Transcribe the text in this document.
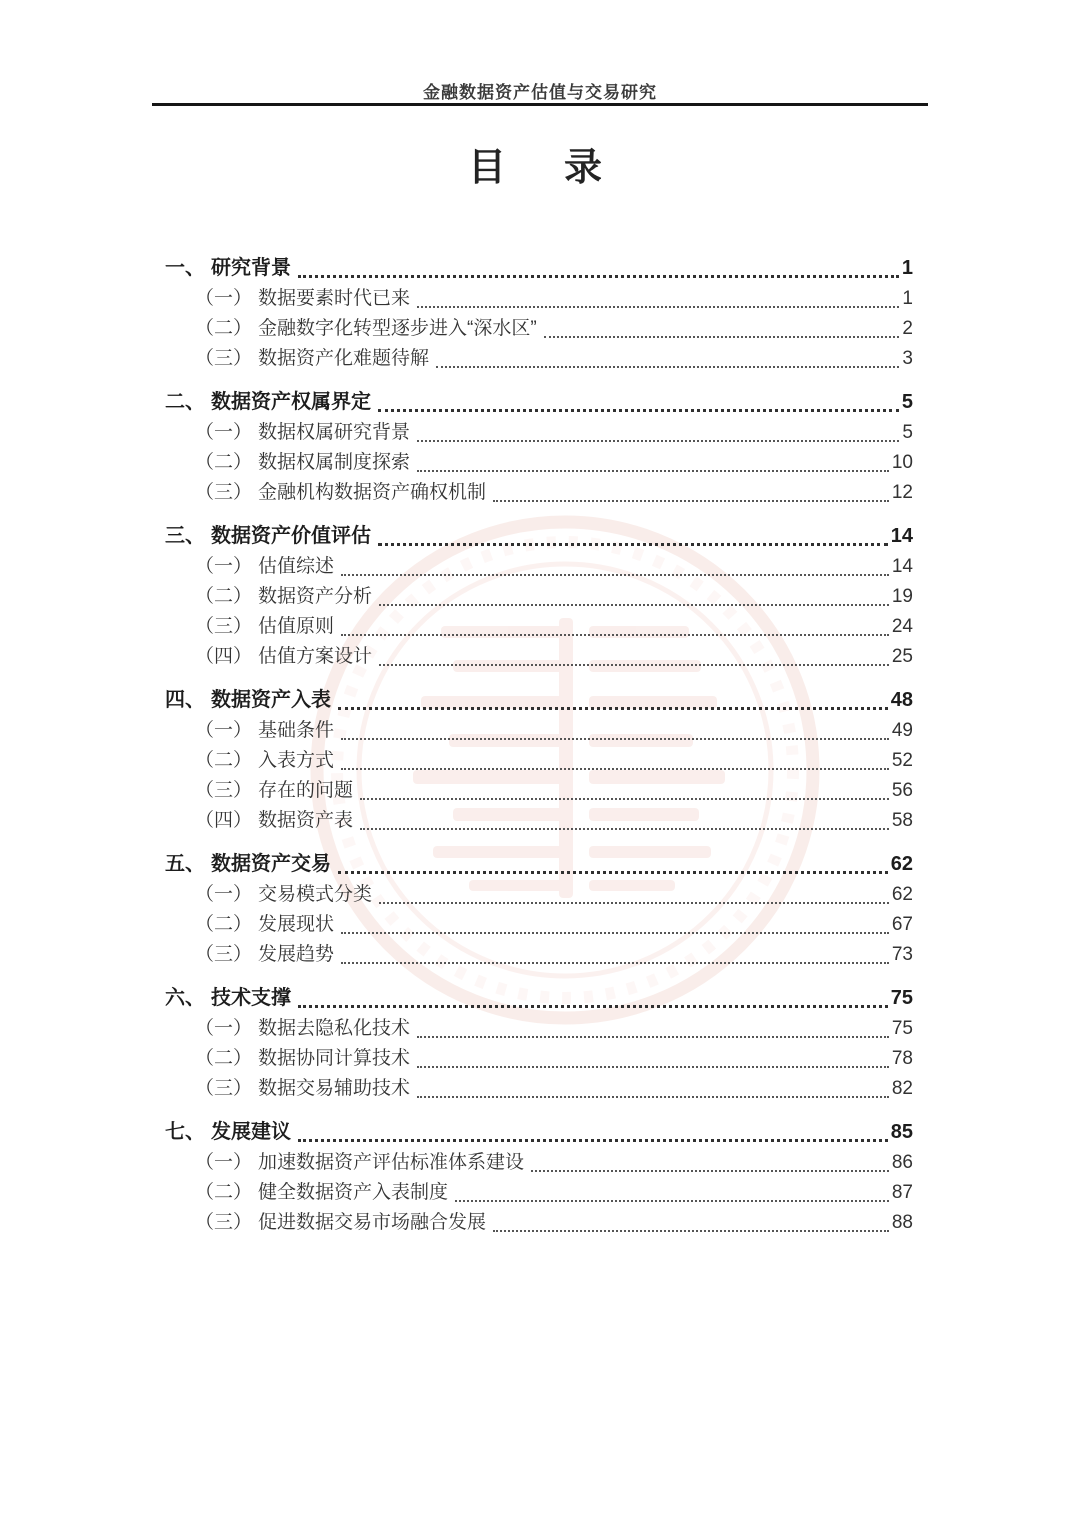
金融数据资产估值与交易研究
目　录
一、 研究背景	1
（一） 数据要素时代已来	1
（二） 金融数字化转型逐步进入“深水区”	2
（三） 数据资产化难题待解	3
二、 数据资产权属界定	5
（一） 数据权属研究背景	5
（二） 数据权属制度探索	10
（三） 金融机构数据资产确权机制	12
三、 数据资产价值评估	14
（一） 估值综述	14
（二） 数据资产分析	19
（三） 估值原则	24
（四） 估值方案设计	25
四、 数据资产入表	48
（一） 基础条件	49
（二） 入表方式	52
（三） 存在的问题	56
（四） 数据资产表	58
五、 数据资产交易	62
（一） 交易模式分类	62
（二） 发展现状	67
（三） 发展趋势	73
六、 技术支撑	75
（一） 数据去隐私化技术	75
（二） 数据协同计算技术	78
（三） 数据交易辅助技术	82
七、 发展建议	85
（一） 加速数据资产评估标准体系建设	86
（二） 健全数据资产入表制度	87
（三） 促进数据交易市场融合发展	88
